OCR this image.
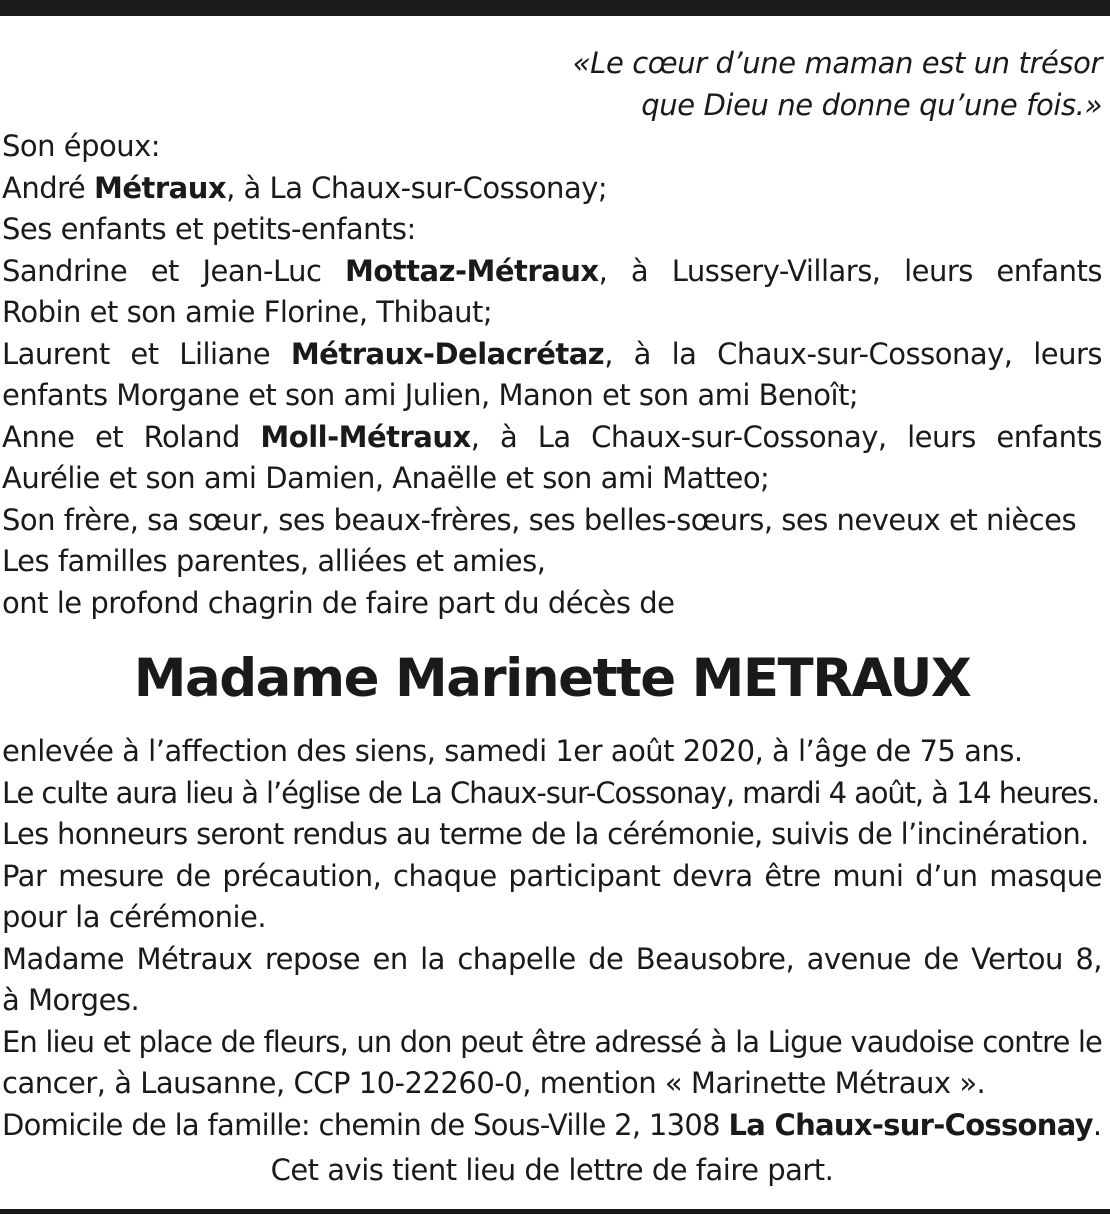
«Le cœur d’une maman est un trésor
que Dieu ne donne qu’une fois.»
Son époux:
André Métraux, à La Chaux-sur-Cossonay;
Ses enfants et petits-enfants:
Sandrine et Jean-Luc Mottaz-Métraux, à Lussery-Villars, leurs enfants
Robin et son amie Florine, Thibaut;
Laurent et Liliane Métraux-Delacrétaz, à la Chaux-sur-Cossonay, leurs
enfants Morgane et son ami Julien, Manon et son ami Benoît;
Anne et Roland Moll-Métraux, à La Chaux-sur-Cossonay, leurs enfants
Aurélie et son ami Damien, Anaëlle et son ami Matteo;
Son frère, sa sœur, ses beaux-frères, ses belles-sœurs, ses neveux et nièces
Les familles parentes, alliées et amies,
ont le profond chagrin de faire part du décès de
Madame Marinette METRAUX
enlevée à l’affection des siens, samedi 1er août 2020, à l’âge de 75 ans.
Le culte aura lieu à l’église de La Chaux-sur-Cossonay, mardi 4 août, à 14 heures.
Les honneurs seront rendus au terme de la cérémonie, suivis de l’incinération.
Par mesure de précaution, chaque participant devra être muni d’un masque
pour la cérémonie.
Madame Métraux repose en la chapelle de Beausobre, avenue de Vertou 8,
à Morges.
En lieu et place de fleurs, un don peut être adressé à la Ligue vaudoise contre le
cancer, à Lausanne, CCP 10-22260-0, mention « Marinette Métraux ».
Domicile de la famille: chemin de Sous-Ville 2, 1308 La Chaux-sur-Cossonay.
Cet avis tient lieu de lettre de faire part.
